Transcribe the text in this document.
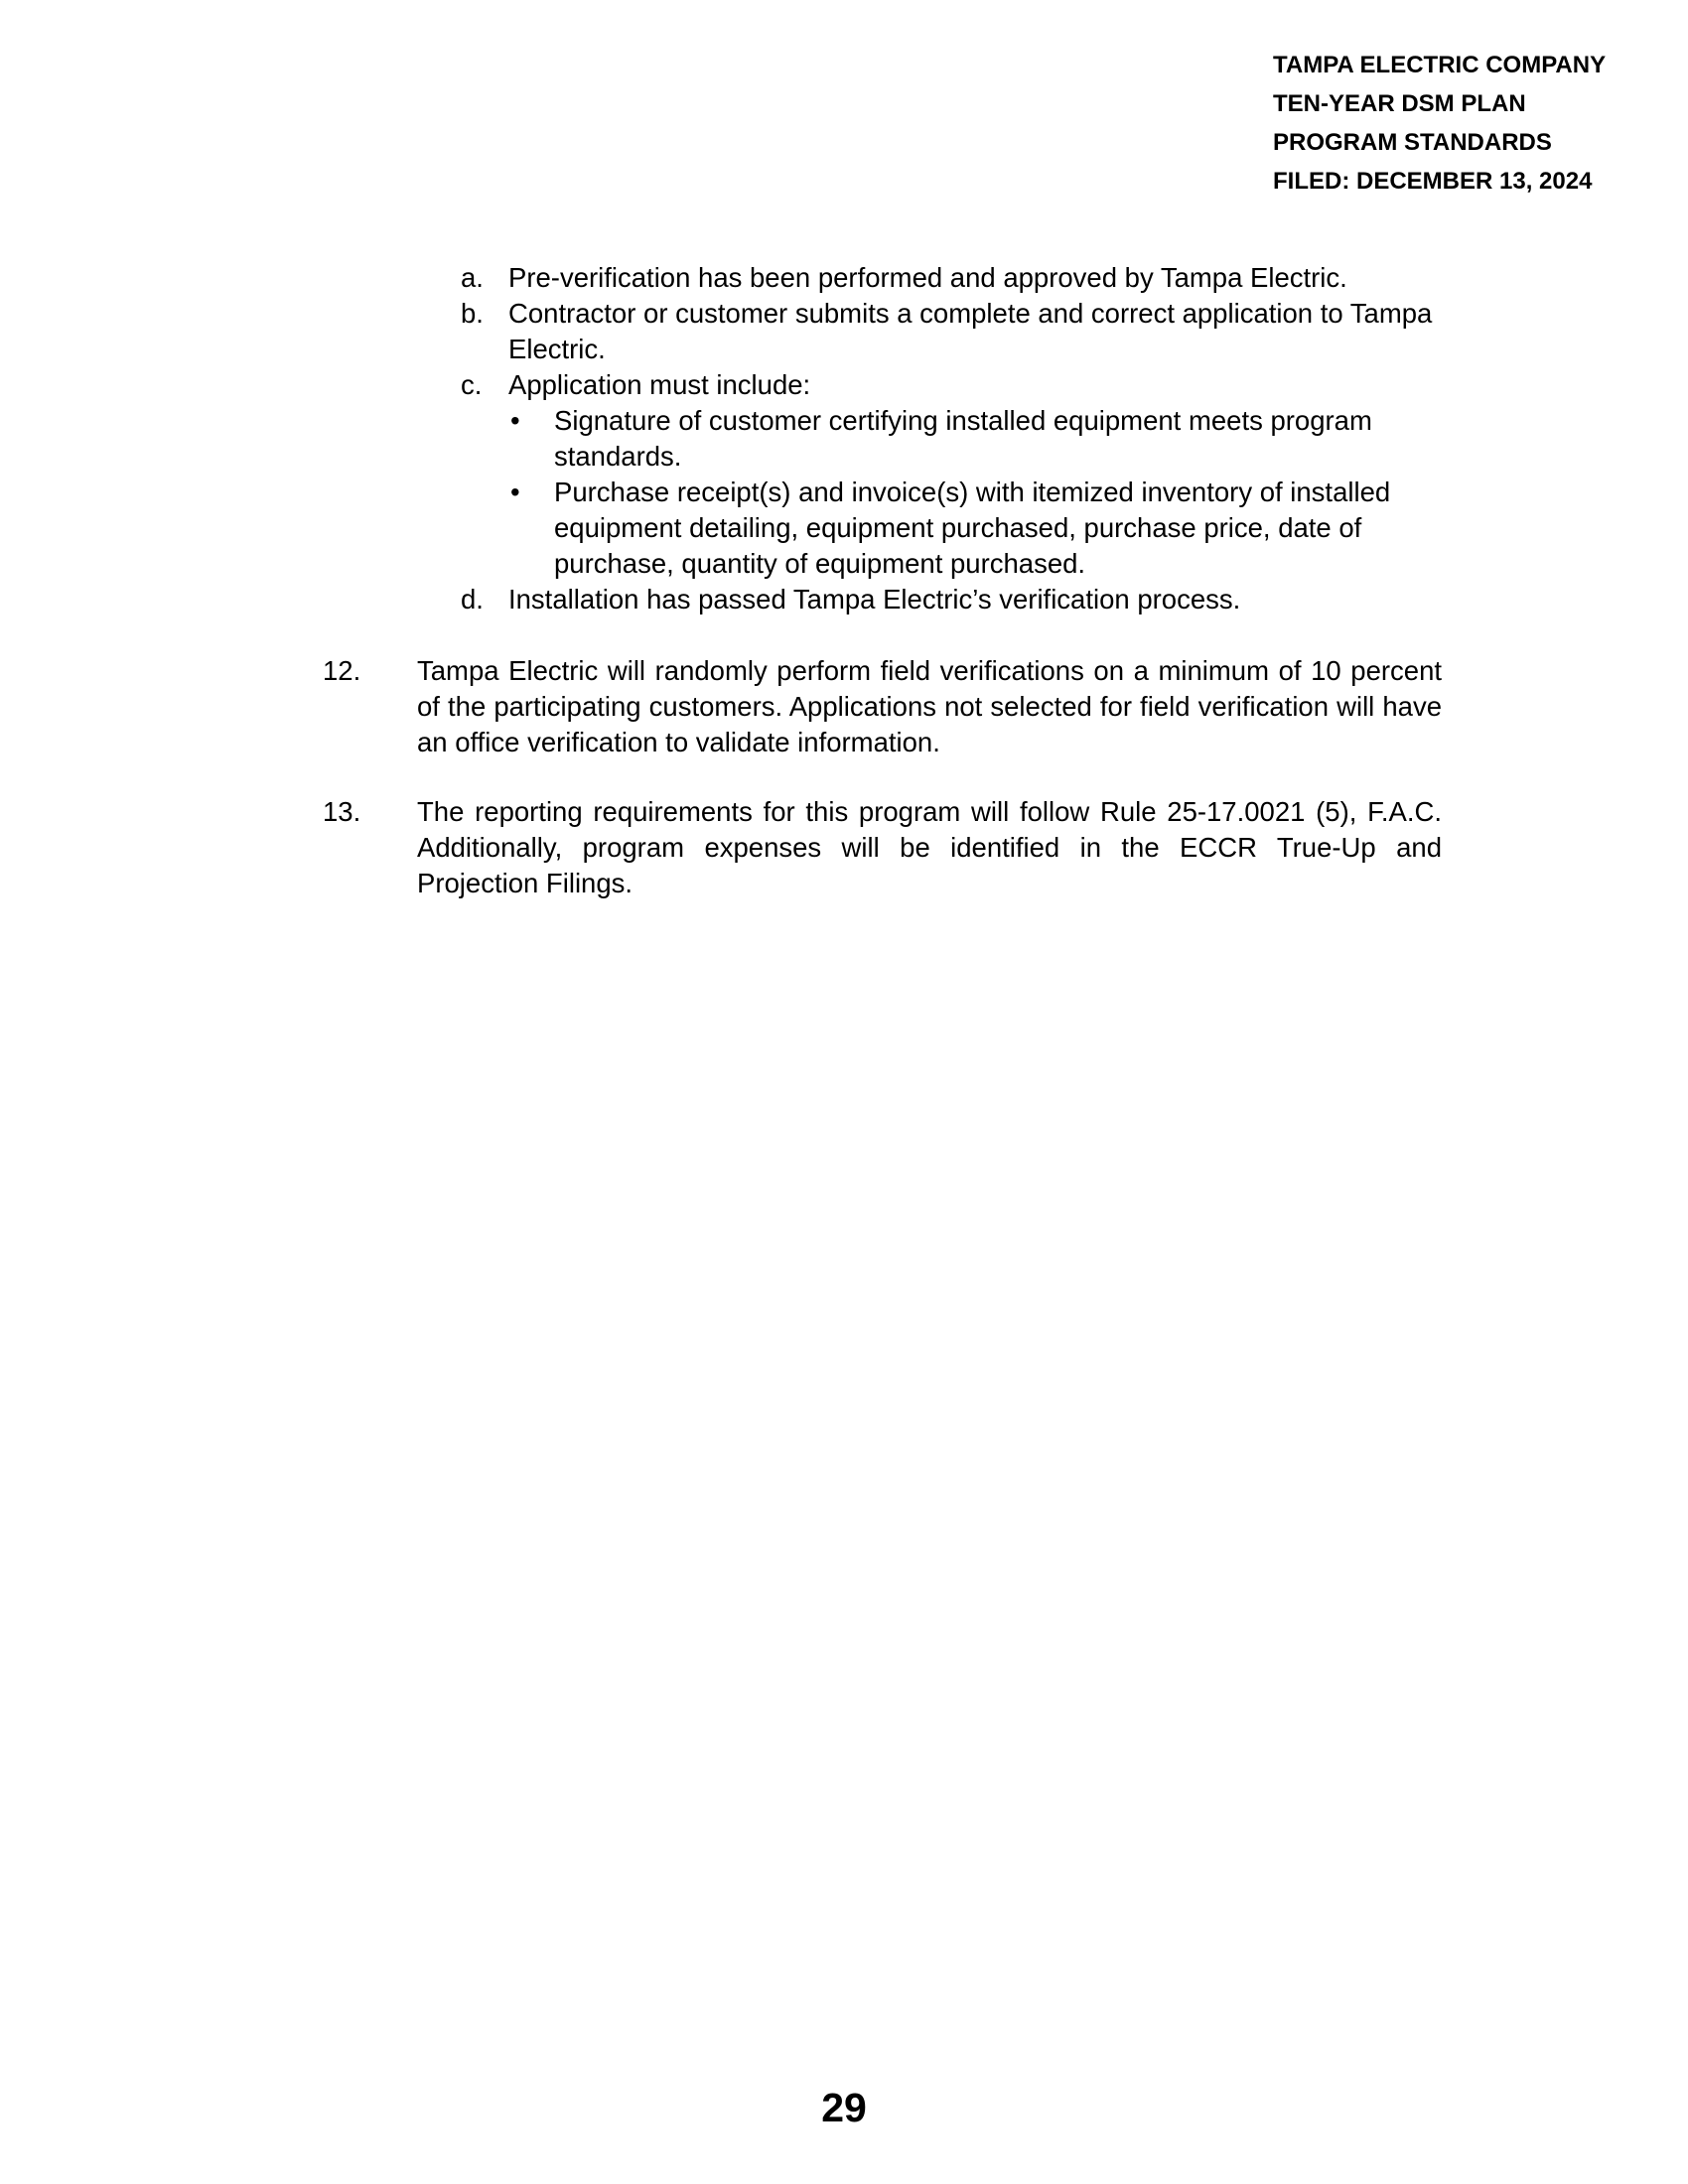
TAMPA ELECTRIC COMPANY
TEN-YEAR DSM PLAN
PROGRAM STANDARDS
FILED: DECEMBER 13, 2024
a. Pre-verification has been performed and approved by Tampa Electric.
b. Contractor or customer submits a complete and correct application to Tampa Electric.
c. Application must include:
• Signature of customer certifying installed equipment meets program standards.
• Purchase receipt(s) and invoice(s) with itemized inventory of installed equipment detailing, equipment purchased, purchase price, date of purchase, quantity of equipment purchased.
d. Installation has passed Tampa Electric’s verification process.
12. Tampa Electric will randomly perform field verifications on a minimum of 10 percent of the participating customers. Applications not selected for field verification will have an office verification to validate information.
13. The reporting requirements for this program will follow Rule 25-17.0021 (5), F.A.C. Additionally, program expenses will be identified in the ECCR True-Up and Projection Filings.
29
